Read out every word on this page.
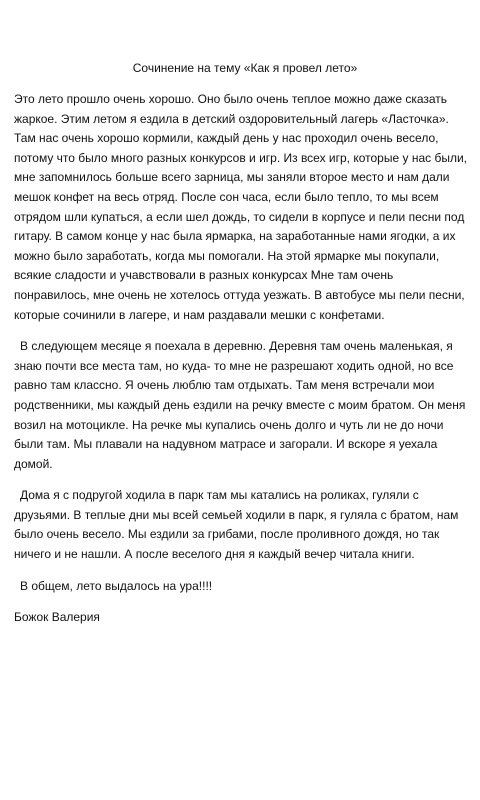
Сочинение на тему «Как я провел лето»

Это лето прошло очень хорошо. Оно было очень теплое можно даже сказать жаркое. Этим летом я ездила в детский оздоровительный лагерь «Ласточка». Там нас очень хорошо кормили, каждый день у нас проходил очень весело, потому что было много разных конкурсов и игр. Из всех игр, которые у нас были, мне запомнилось больше всего зарница, мы заняли второе место и нам дали мешок конфет на весь отряд. После сон часа, если было тепло, то мы всем отрядом шли купаться, а если шел дождь, то сидели в корпусе и пели песни под гитару. В самом конце у нас была ярмарка, на заработанные нами ягодки, а их можно было заработать, когда мы помогали. На этой ярмарке мы покупали, всякие сладости и учавствовали в разных конкурсах Мне там очень понравилось, мне очень не хотелось оттуда уезжать. В автобусе мы пели песни, которые сочинили в лагере, и нам раздавали мешки с конфетами.

В следующем месяце я поехала в деревню. Деревня там очень маленькая, я знаю почти все места там, но куда- то мне не разрешают ходить одной, но все равно там классно. Я очень люблю там отдыхать. Там меня встречали мои родственники, мы каждый день ездили на речку вместе с моим братом. Он меня возил на мотоцикле. На речке мы купались очень долго и чуть ли не до ночи были там. Мы плавали на надувном матрасе и загорали. И вскоре я уехала домой.

Дома я с подругой ходила в парк там мы катались на роликах, гуляли с друзьями. В теплые дни мы всей семьей ходили в парк, я гуляла с братом, нам было очень весело. Мы ездили за грибами, после проливного дождя, но так ничего и не нашли. А после веселого дня я каждый вечер читала книги.

В общем, лето выдалось на ура!!!!

Божок Валерия
